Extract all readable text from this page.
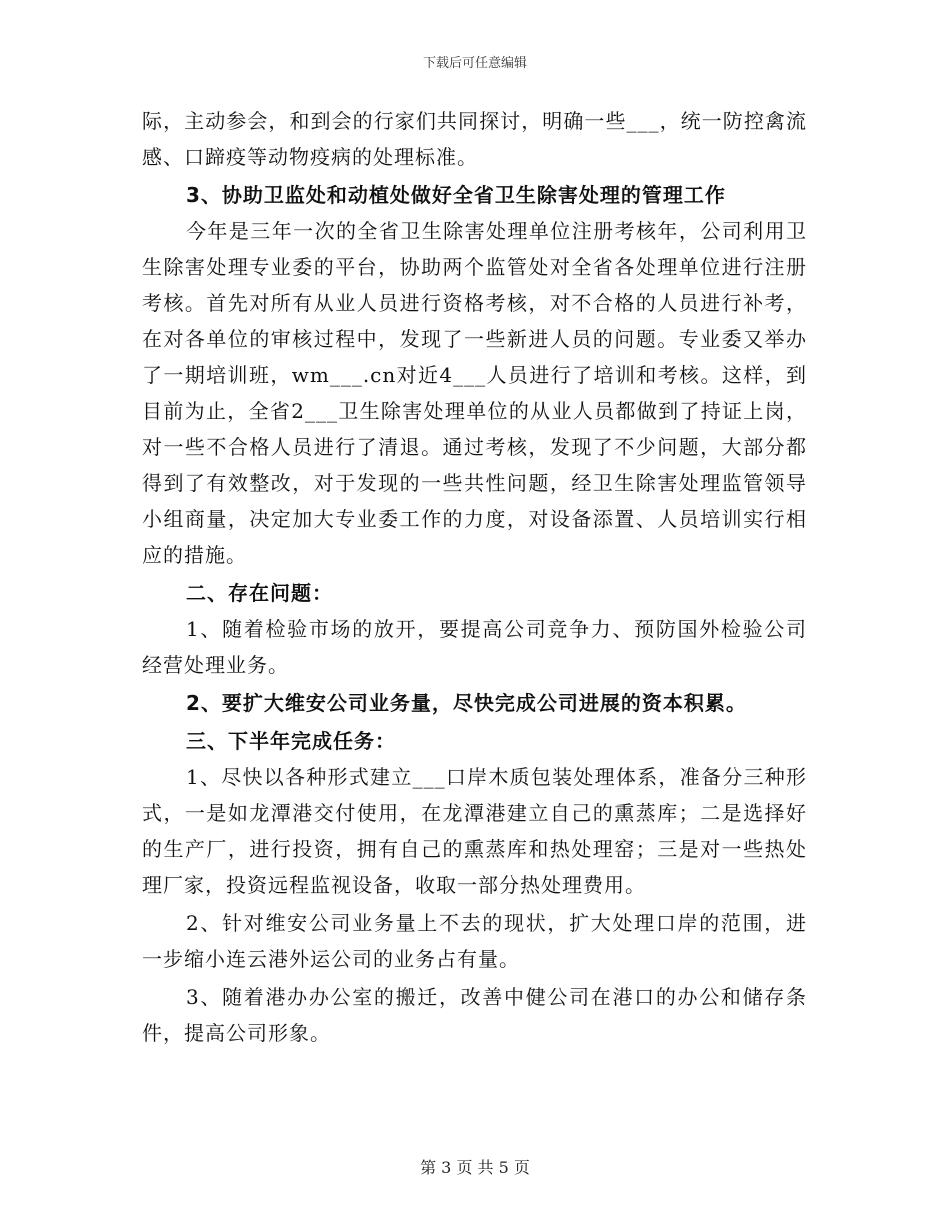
下载后可任意编辑

际，主动参会，和到会的行家们共同探讨，明确一些___，统一防控禽流感、口蹄疫等动物疫病的处理标准。

3、协助卫监处和动植处做好全省卫生除害处理的管理工作

今年是三年一次的全省卫生除害处理单位注册考核年，公司利用卫生除害处理专业委的平台，协助两个监管处对全省各处理单位进行注册考核。首先对所有从业人员进行资格考核，对不合格的人员进行补考，在对各单位的审核过程中，发现了一些新进人员的问题。专业委又举办了一期培训班，wm___.cn对近4___人员进行了培训和考核。这样，到目前为止，全省2___卫生除害处理单位的从业人员都做到了持证上岗，对一些不合格人员进行了清退。通过考核，发现了不少问题，大部分都得到了有效整改，对于发现的一些共性问题，经卫生除害处理监管领导小组商量，决定加大专业委工作的力度，对设备添置、人员培训实行相应的措施。

二、存在问题：

1、随着检验市场的放开，要提高公司竞争力、预防国外检验公司经营处理业务。

2、要扩大维安公司业务量，尽快完成公司进展的资本积累。

三、下半年完成任务：

1、尽快以各种形式建立___口岸木质包装处理体系，准备分三种形式，一是如龙潭港交付使用，在龙潭港建立自己的熏蒸库；二是选择好的生产厂，进行投资，拥有自己的熏蒸库和热处理窑；三是对一些热处理厂家，投资远程监视设备，收取一部分热处理费用。

2、针对维安公司业务量上不去的现状，扩大处理口岸的范围，进一步缩小连云港外运公司的业务占有量。

3、随着港办办公室的搬迁，改善中健公司在港口的办公和储存条件，提高公司形象。

第 3 页 共 5 页
